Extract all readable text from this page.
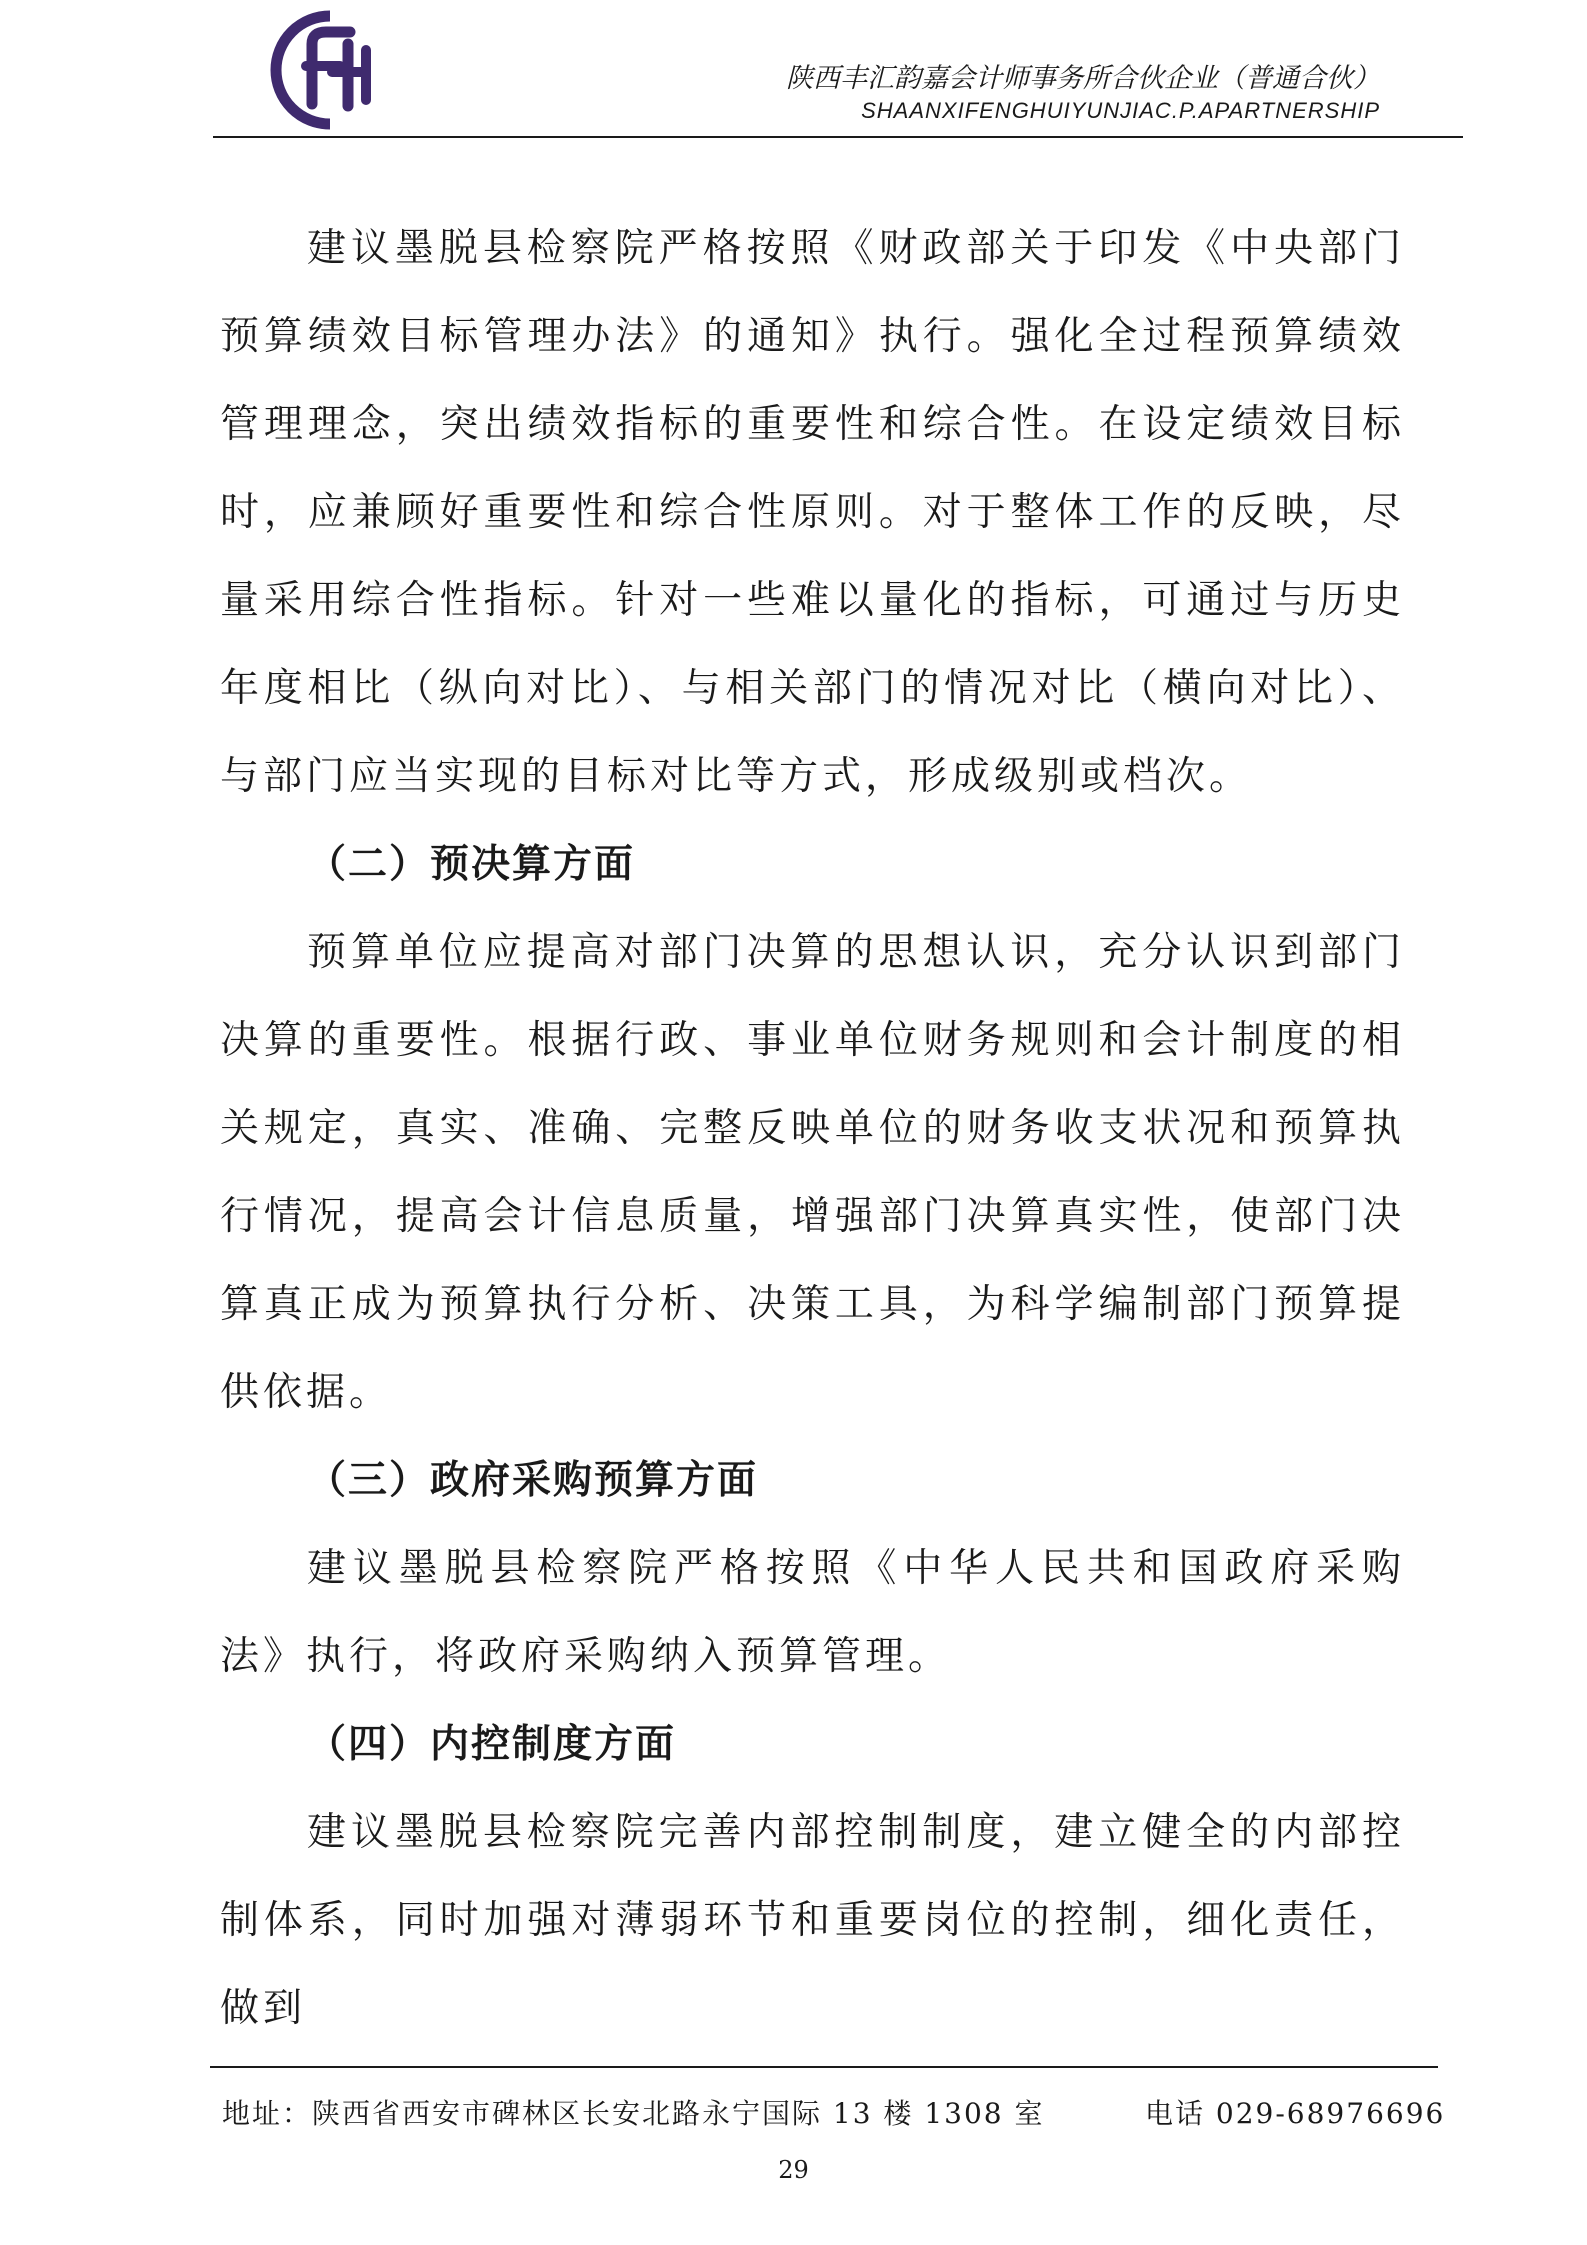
陕西丰汇韵嘉会计师事务所合伙企业（普通合伙）
SHAANXIFENGHUIYUNJIAC.P.APARTNERSHIP

建议墨脱县检察院严格按照《财政部关于印发《中央部门预算绩效目标管理办法》的通知》执行。强化全过程预算绩效管理理念，突出绩效指标的重要性和综合性。在设定绩效目标时，应兼顾好重要性和综合性原则。对于整体工作的反映，尽量采用综合性指标。针对一些难以量化的指标，可通过与历史年度相比（纵向对比）、与相关部门的情况对比（横向对比）、与部门应当实现的目标对比等方式，形成级别或档次。

（二）预决算方面

预算单位应提高对部门决算的思想认识，充分认识到部门决算的重要性。根据行政、事业单位财务规则和会计制度的相关规定，真实、准确、完整反映单位的财务收支状况和预算执行情况，提高会计信息质量，增强部门决算真实性，使部门决算真正成为预算执行分析、决策工具，为科学编制部门预算提供依据。

（三）政府采购预算方面

建议墨脱县检察院严格按照《中华人民共和国政府采购法》执行，将政府采购纳入预算管理。

（四）内控制度方面

建议墨脱县检察院完善内部控制制度，建立健全的内部控制体系，同时加强对薄弱环节和重要岗位的控制，细化责任，做到

地址：陕西省西安市碑林区长安北路永宁国际 13 楼 1308 室	电话 029-68976696
29
